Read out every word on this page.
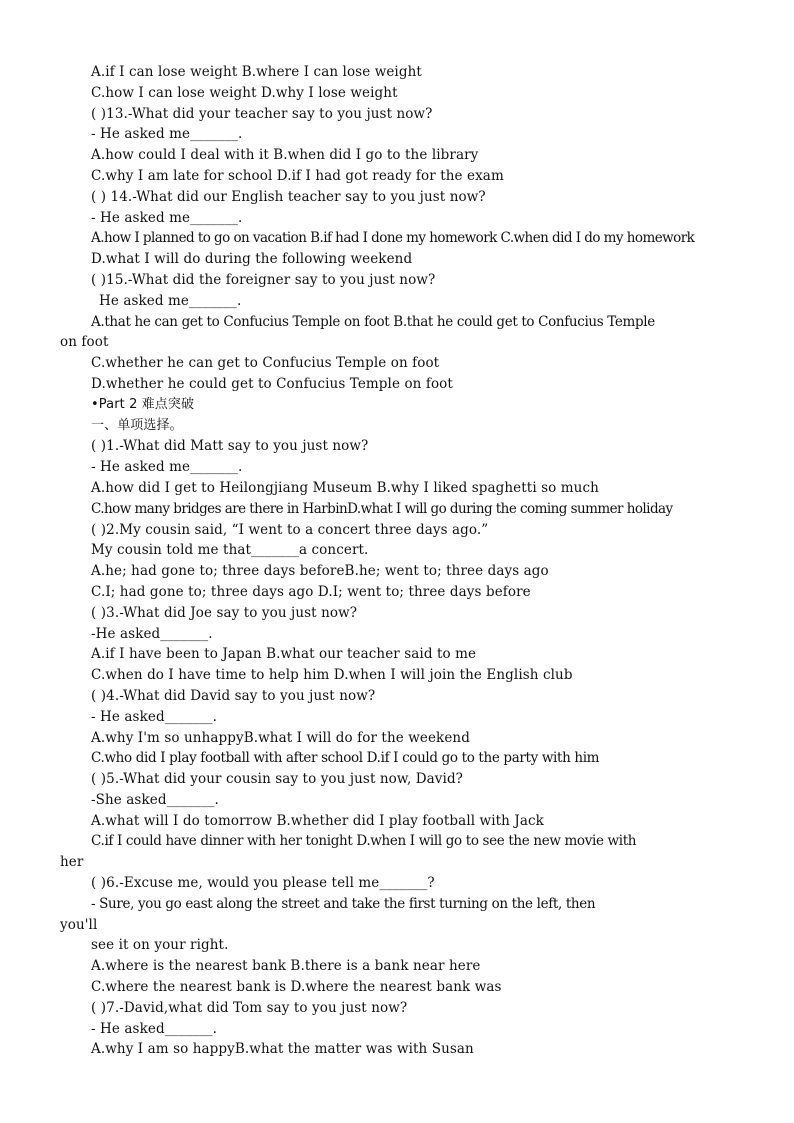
A.if I can lose weight B.where I can lose weight
C.how I can lose weight D.why I lose weight
( )13.-What did your teacher say to you just now?
- He asked me_______.
A.how could I deal with it B.when did I go to the library
C.why I am late for school D.if I had got ready for the exam
( ) 14.-What did our English teacher say to you just now?
- He asked me_______.
A.how I planned to go on vacation B.if had I done my homework C.when did I do my homework
D.what I will do during the following weekend
( )15.-What did the foreigner say to you just now?
He asked me_______.
A.that he can get to Confucius Temple on foot B.that he could get to Confucius Temple
on foot
C.whether he can get to Confucius Temple on foot
D.whether he could get to Confucius Temple on foot
•Part 2 难点突破
一、单项选择。
( )1.-What did Matt say to you just now?
- He asked me_______.
A.how did I get to Heilongjiang Museum B.why I liked spaghetti so much
C.how many bridges are there in HarbinD.what I will go during the coming summer holiday
( )2.My cousin said, “I went to a concert three days ago.”
My cousin told me that_______a concert.
A.he; had gone to; three days beforeB.he; went to; three days ago
C.I; had gone to; three days ago D.I; went to; three days before
( )3.-What did Joe say to you just now?
-He asked_______.
A.if I have been to Japan B.what our teacher said to me
C.when do I have time to help him D.when I will join the English club
( )4.-What did David say to you just now?
- He asked_______.
A.why I'm so unhappyB.what I will do for the weekend
C.who did I play football with after school D.if I could go to the party with him
( )5.-What did your cousin say to you just now, David?
-She asked_______.
A.what will I do tomorrow B.whether did I play football with Jack
C.if I could have dinner with her tonight D.when I will go to see the new movie with
her
( )6.-Excuse me, would you please tell me_______?
- Sure, you go east along the street and take the first turning on the left, then
you'll
see it on your right.
A.where is the nearest bank B.there is a bank near here
C.where the nearest bank is D.where the nearest bank was
( )7.-David,what did Tom say to you just now?
- He asked_______.
A.why I am so happyB.what the matter was with Susan
